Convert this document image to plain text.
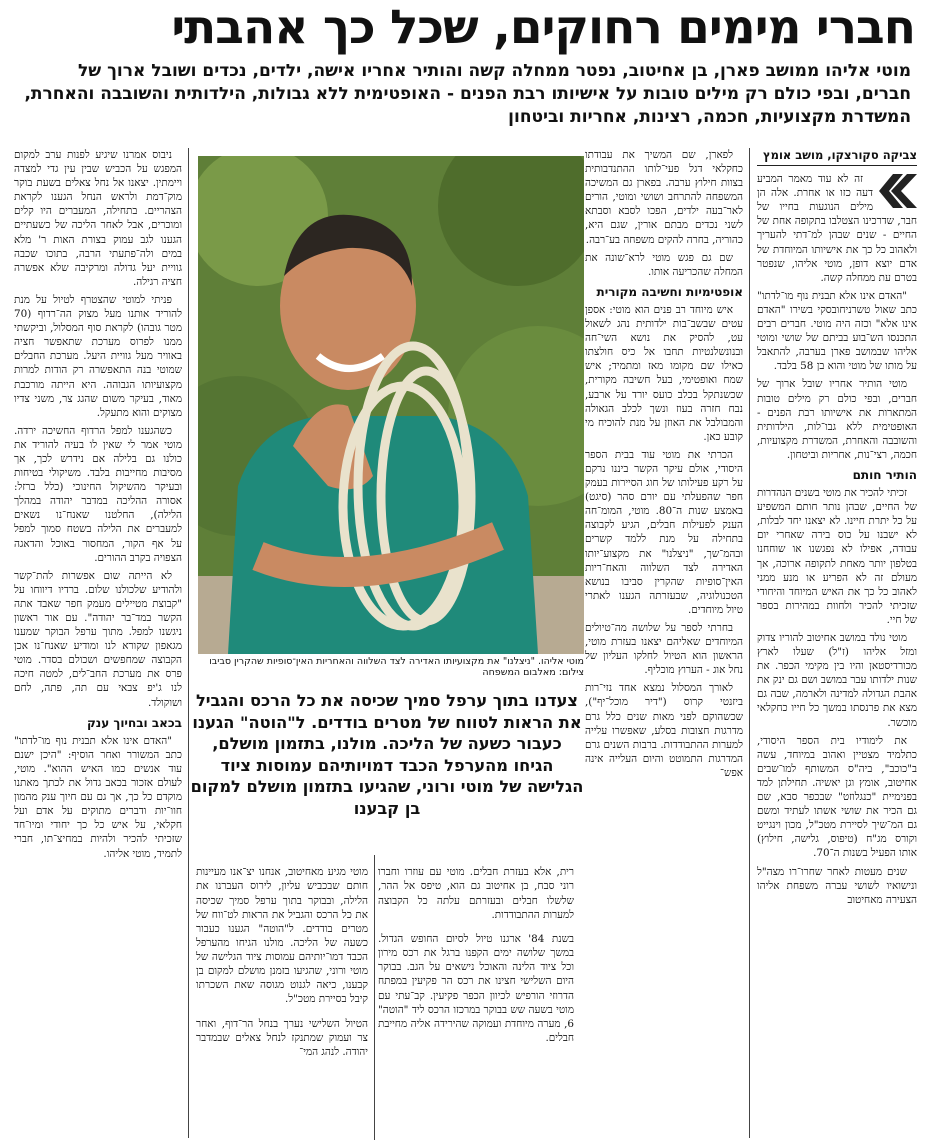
חברי מימים רחוקים, שכל כך אהבתי
מוטי אליהו ממושב פארן, בן אחיטוב, נפטר ממחלה קשה והותיר אחריו אישה, ילדים, נכדים ושובל ארוך של חברים, ובפי כולם רק מילים טובות על אישיותו רבת הפנים - האופטימית ללא גבולות, הילדותית והשובבה והאחרת, המשדרת מקצועיות, חכמה, רצינות, אחריות וביטחון
צביקה סקורצקו, מושב אומץ

זה לא עוד מאמר המביע דעה כזו או אחרת. אלה הן מילים הנוגעות בחייו של חבר, שדרכינו הצטלבו בתקופה אחת של החיים - שנים שבהן למ־דתי להעריך ולאהוב כל כך את אישיותו המיוחדת של אדם יוצא דופן, מוטי אליהו, שנפטר בטרם עת ממחלה קשה.

"האדם אינו אלא תבנית נוף מו־לדתו" כתב שאול טשרניחובסקי בשירו "האדם אינו אלא" וכזה היה מוטי. חברים רבים התכנסו הש־בוע בביתם של שושי ומוטי אליהו שבמושב פארן בערבה, להתאבל על מותו של מוטי והוא בן 58 בלבד.

מוטי הותיר אחריו שובל ארוך של חברים, ובפי כולם רק מילים טובות המתארות את אישיותו רבת הפנים - האופטימית ללא גבו־לות, הילדותית והשובבה והאחרת, המשדרת מקצועיות, חכמה, רצי־נות, אחריות וביטחון.

הותיר חותם

זכיתי להכיר את מוטי בשנים הנהדרות של החיים, שבהן נותר חותם המשפיע על כל יתרת חיינו. לא יצאנו יחד לבלות, לא ישבנו על כוס בירה שאחרי יום עבודה, אפילו לא נפגשנו או שוחחנו בטלפון יותר מאחת לתקופה ארוכה, אך מעולם זה לא הפריע או מנע ממני לאהוב כל כך את האיש המיוחד והיחודי שזכיתי להכיר ולחוות במהירות בספר של חיי.

מוטי נולד במושב אחיטוב להוריו צדוק ומזל אליהו (ז"ל) שעלו לארץ מכורדיסטאן והיו בין מקימי הכפר. את שנות ילדותו עבר במושב ושם גם ינק את אהבת הגדולה למדינה ולארמה, שבה גם מצא את פרנסתו במשך כל חייו כחקלאי מוכשר.

את לימודיו בית הספר היסודי, כתלמיד מצטיין ואהוב במיוחד, עשה ב"כוכב", ביה"ס המשותף למו־שבים אחיטוב, אומץ וגן יאשיה. תחילתן למד בפנימיית "כנגלוזט" שבכפר סבא, שם גם הכיר את שושי אשתו לעתיד ומשם גם המ־שיך לסיירת מטכ"ל, מכון וינגייט וקורס מג"ח (טיפוס, גלישה, חילוץ) אותו הפעיל בשנות ה־70.

שנים מעטות לאחר שחרו־רו מצה"ל ונישואיו לשושי עברה משפחת אליהו הצעירה מאחיטוב

לפארן, שם המשיך את עבודתו כחקלאי דגל פעי־לותו ההתנדבותית בצוות חילוץ ערבה. בפארן גם המשיכה המשפחה להתרחב ושושי ומוטי, הורים לאר־בעה ילדים, הפכו לסבא וסבתא לשני נכדים מבתם אורין, שגם היא, כהוריה, בחרה להקים משפחה בע־רבה.

שם גם פגש מוטי לרא־שונה את המחלה שהכריעה אותו.

אופטימיות וחשיבה מקורית

איש מיוחד רב פנים הוא מוטי: אספן עטים שבשב־בות ילדותית נהג לשאול עט, להסיק את נושא השי־חה ובנונשלנטיות תחבו אל כיס חולצתו כאילו שם מקומו מאז ומתמיד; איש שמח ואופטימי, בעל חשיבה מקורית, שכשנתקל בכלב כועס יורד על ארבע, נבח חזרה בעוז ונשך לכלב הגאולה והמבולבל את האוזן על מנת להוכיח מי קובע כאן.

הכרתי את מוטי עוד בבית הספר היסודי, אולם עיקר הקשר ביננו נרקם על רקע פעילותו של חוג הסיירות בעמק חפר שהפעלתי עם יורם סהר (סיגט) באמצע שנות ה־80. מוטי, המומ־חה הענק לפעילות חבלים, הגיע לקבוצה בתחילה על מנת ללמד קשרים ובהמ־שך, "ניצלנו" את מקצוע־יותו האדירה לצד השלווה והאח־ריות האין־סופיות שהקרין סביבו בנושא הטכנולוגיה, שבעזרתה הגענו לאתרי טיול מיוחדים.

בחרתי לספר על שלושה מה־טיולים המיוחדים שאליהם יצאנו בעזרת מוטי, הראשון הוא הטיול לחלקו העליון של נחל אוג - הערוץ מוכליף.

לאורך המסלול נמצא אחד נזי־רות ביזנטי קרוס ("דיר מוכל־יף"), שכשהוקם לפני מאות שנים כלל גרם מדרגות חצובות בסלע, שאפשרו עלייה למערות ההתבודדות. ברבות השנים גרם המדרגות התמוטט והיום העלייה אינה אפש־

מוטי אליהו. "ניצלנו" את מקצועיותו האדירה לצד השלווה והאחריות האין־סופיות שהקרין סביבו
צילום: מאלבום המשפחה
צעדנו בתוך ערפל סמיך שכיסה את כל הרכס והגביל את הראות לטווח של מטרים בודדים. ל"הוטה" הגענו כעבור כשעה של הליכה. מולנו, בתזמון מושלם, הגיחו מהערפל הכבד דמויותיהם עמוסות ציוד הגלישה של מוטי ורוני, שהגיעו בתזמון מושלם למקום בן קבענו

רית, אלא בעזרת חבלים. מוטי עם עוזרו וחברו רוני סבח, בן אחיטוב גם הוא, טיפס אל ההר, שלשלו חבלים ובעזרתם עלתה כל הקבוצה למערות ההתבודדות.

בשנת 84' ארגנו טיול לסיום החופש הגדול. במשך שלושה ימים הקפנו ברגל את רכס מירון וכל ציוד הלינה והאוכל נישאים על הגב. בבוקר היום השלישי חצינו את רכס הר פקיעין במפתח הדרוזי הורפיש לכיוון הכפר פקיעין. קב־עתי עם מוטי בשעה שש בבוקר במרכזו הרכס ליד "הוטה" 6, מערה מיוחדת ועמוקה שהירידה אליה מחייבת חבלים.

מוטי מגיע מאחיטוב, אנחנו יצ־אנו מעיינות חותם שבכביש עליון, לירוס העברנו את הלילה, ובבוקר בתוך ערפל סמיך שכיסה את כל הרכס והגביל את הראות לט־ווח של מטרים בודדים. ל"הוטה" הגענו כעבור כשעה של הליכה. מולנו הגיחו מהערפל הכבד דמו־יותיהם עמוסות ציוד הגלישה של מוטי ורוני, שהגיעו בזמנן מושלם למקום בן קבענו, כיאה לגנוט מגוסה שאת השכרתו קיבל בסיירת מטכ"ל.

הטיול השלישי נערך בנחל הר־דוף, ואחר צר ועמוק שמתנקז לנחל צאלים שבמדבר יהודה. לנהג המי־

ניבוס אמרנו שיגיע לפנות ערב למקום המפגש על הכביש שבין עין גדי למצדה ויימתין. יצאנו אל נחל צאלים בשעת בוקר מוק־דמת ולראש הנחל הגענו לקראת הצהריים. בתחילה, המעברים היו קלים ומוכרים, אבל לאחר הליכה של כשעתיים הגענו לגב עמוק בצורת האות ר' מלא במים ולה־פתעתי הרבה, בתוכו שכבה גוויית יעל גדולה ומרקיבה שלא אפשרה חציה רגילה.

פניתי למוטי שהצטרף לטיול על מנת להוריד אותנו מעל מצוק הה־רדוף (70 מטר גובהו) לקראת סוף המסלול, וביקשתי ממנו לפרוס מערכת שתאפשר חציה באוויר מעל גוויית היעל. מערכת החבלים שמוטי בנה התאפשרה רק הודות למרות מקצועיותו הגבוהה. היא הייתה מורכבת מאוד, בעיקר משום שהגג צר, משני צדיו מצוקים והוא מתעקל.

כשהגענו למפל הרדוף החשיכה ירדה. מוטי אמר לי שאין לו בעיה להוריד את כולנו גם בלילה אם נידרש לכך, אך מסיבות מחייבות בלבד. משיקולי בטיחות ובעיקר מהשיקול החינוכי (כלל ברזל: אסורה ההליכה במדבר יהודה במהלך הלילה), החלטנו שאנח־נו נשאים למעברים את הלילה בשטח סמוך למפל על אף הקור, המחסור באוכל והדאגה הצפויה בקרב ההורים.

לא הייתה שום אפשרות להת־קשר ולהודיע שלכולנו שלום. ברדיו דיווחו על "קבוצת מטיילים מעמק חפר שאבד אתה הקשר במד־בר יהודה". עם אור ראשון ניגשנו למפל. מתוך ערפל הבוקר שמענו מגאפון שקורא לנו ומודיע שאנח־נו אכן הקבוצה שמחפשים ושכולם בסדר. מוטי פרס את מערכת החב־לים, למטה חיכה לנו ג'יפ צבאי עם תה, פתה, לחם ושוקולד.

בכאב ובחיוך ענק

"האדם אינו אלא תבנית נוף מו־לדתו" כתב המשורר ואחר הוסיף: "היכן ישנם עוד אנשים כמו האיש ההוא". מוטי, לעולם אזכור בכאב גדול את לכתך מאתנו מוקדם כל כך, אך גם עם חיוך ענק מהמון חוו־יות ודברים מתוקים על אדם ועל חקלאי, על איש כל כך יחודי ומיו־חד שזכיתי להכיר ולהיות במחיצ־תו, חברי לתמיד, מוטי אליהו.
